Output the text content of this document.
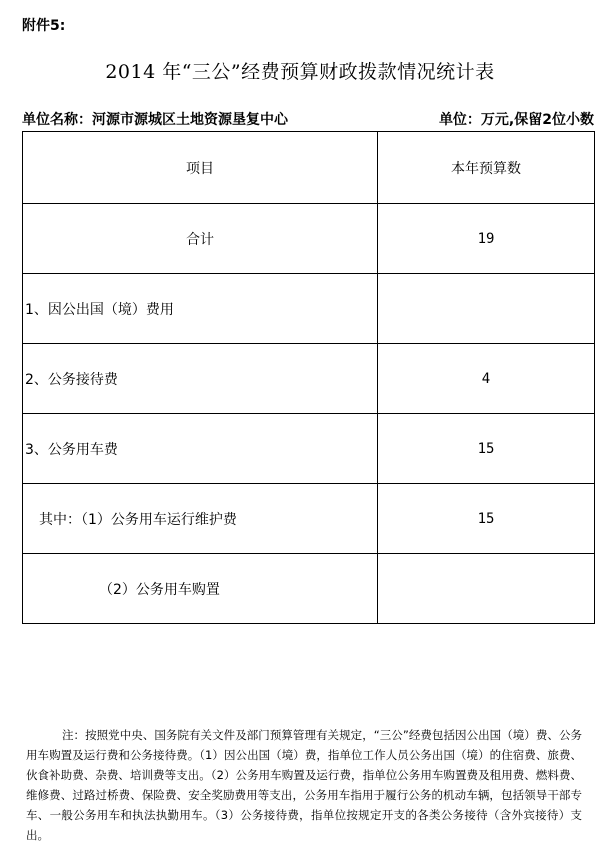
附件5:
2014 年“三公”经费预算财政拨款情况统计表
单位名称：河源市源城区土地资源垦复中心	单位：万元,保留2位小数
项目	本年预算数
合计	19
1、因公出国（境）费用	
2、公务接待费	4
3、公务用车费	15
其中：（1）公务用车运行维护费	15
（2）公务用车购置	
注：按照党中央、国务院有关文件及部门预算管理有关规定，“三公”经费包括因公出国（境）费、公务用车购置及运行费和公务接待费。（1）因公出国（境）费，指单位工作人员公务出国（境）的住宿费、旅费、伙食补助费、杂费、培训费等支出。（2）公务用车购置及运行费，指单位公务用车购置费及租用费、燃料费、维修费、过路过桥费、保险费、安全奖励费用等支出，公务用车指用于履行公务的机动车辆，包括领导干部专车、一般公务用车和执法执勤用车。（3）公务接待费，指单位按规定开支的各类公务接待（含外宾接待）支出。
